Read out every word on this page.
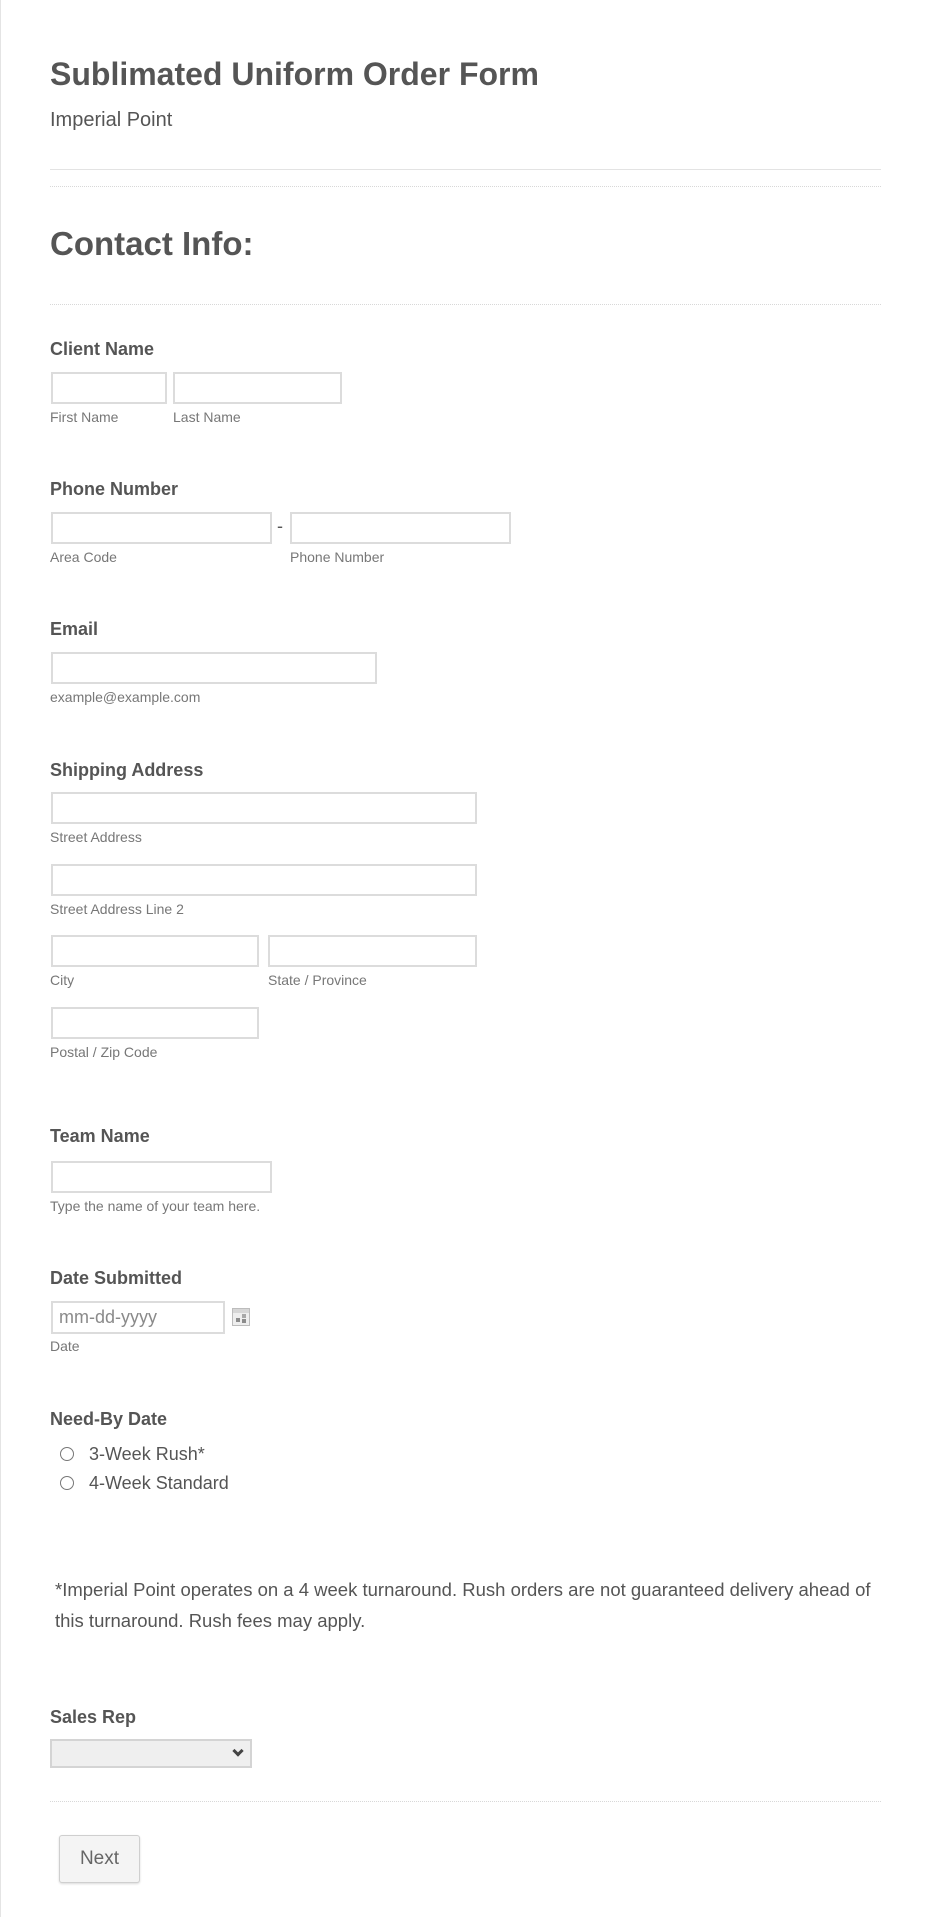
Sublimated Uniform Order Form
Imperial Point
Contact Info:
Client Name
First Name	Last Name
Phone Number
-
Area Code	Phone Number
Email
example@example.com
Shipping Address
Street Address
Street Address Line 2
City	State / Province
Postal / Zip Code
Team Name
Type the name of your team here.
Date Submitted
mm-dd-yyyy
Date
Need-By Date
3-Week Rush*
4-Week Standard
*Imperial Point operates on a 4 week turnaround. Rush orders are not guaranteed delivery ahead of this turnaround. Rush fees may apply.
Sales Rep
Next
